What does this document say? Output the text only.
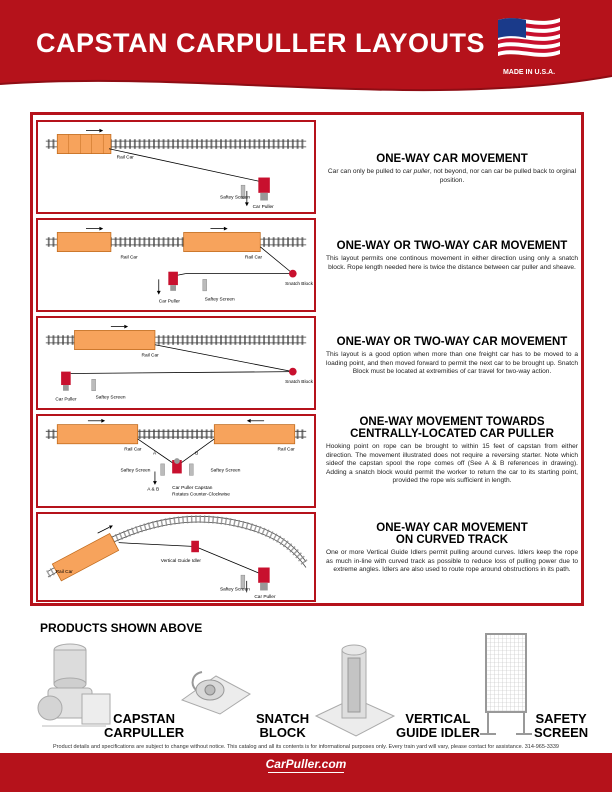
CAPSTAN CARPULLER LAYOUTS
MADE IN U.S.A.
Rail Car
Saftey Screen
Car Puller
ONE-WAY CAR MOVEMENT
Car can only be pulled to car puller, not beyond, nor can car be pulled back to orginal position.
Rail Car	Rail Car
Snatch Block
Car Puller	Saftey Screen
ONE-WAY OR TWO-WAY CAR MOVEMENT
This layout permits one continous movement in either direction using only a snatch block. Rope length needed here is twice the distance between car puller and sheave.
Rail Car
Snatch Block
Car Puller	Saftey Screen
ONE-WAY OR TWO-WAY CAR MOVEMENT
This layout is a good option when more than one freight car has to be moved to a loading point, and then moved forward to permit the next car to be brought up. Snatch Block must be located at extremities of car travel for two-way action.
Rail Car	Rail Car
A	B
A & B
Saftey Screen	Saftey Screen
Car Puller Capstan
Rotates Counter-Clockwise
ONE-WAY MOVEMENT TOWARDS
CENTRALLY-LOCATED CAR PULLER
Hooking point on rope can be brought to within 15 feet of capstan from either direction. The movement illustrated does not require a reversing starter. Note which sideof the capstan spool the rope comes off (See A & B references in drawing). Adding a snatch block would permit the worker to return the car to its starting point, provided the rope wis sufficient in length.
Rail Car
Vertical Guide Idler
Saftey Screen
Car Puller
ONE-WAY CAR MOVEMENT
ON CURVED TRACK
One or more Vertical Guide Idlers permit pulling around curves. Idlers keep the rope as much in-line with curved track as possible to reduce loss of pulling power due to extreme angles. Idlers are also used to route rope around obstructions in its path.
PRODUCTS SHOWN ABOVE
CAPSTAN
CARPULLER
SNATCH
BLOCK
VERTICAL
GUIDE IDLER
SAFETY
SCREEN
Product details and specifications are subject to change without notice. This catalog and all its contents is for informational purposes only. Every train yard will vary, please contact for assistance. 314-965-3339
CarPuller.com
